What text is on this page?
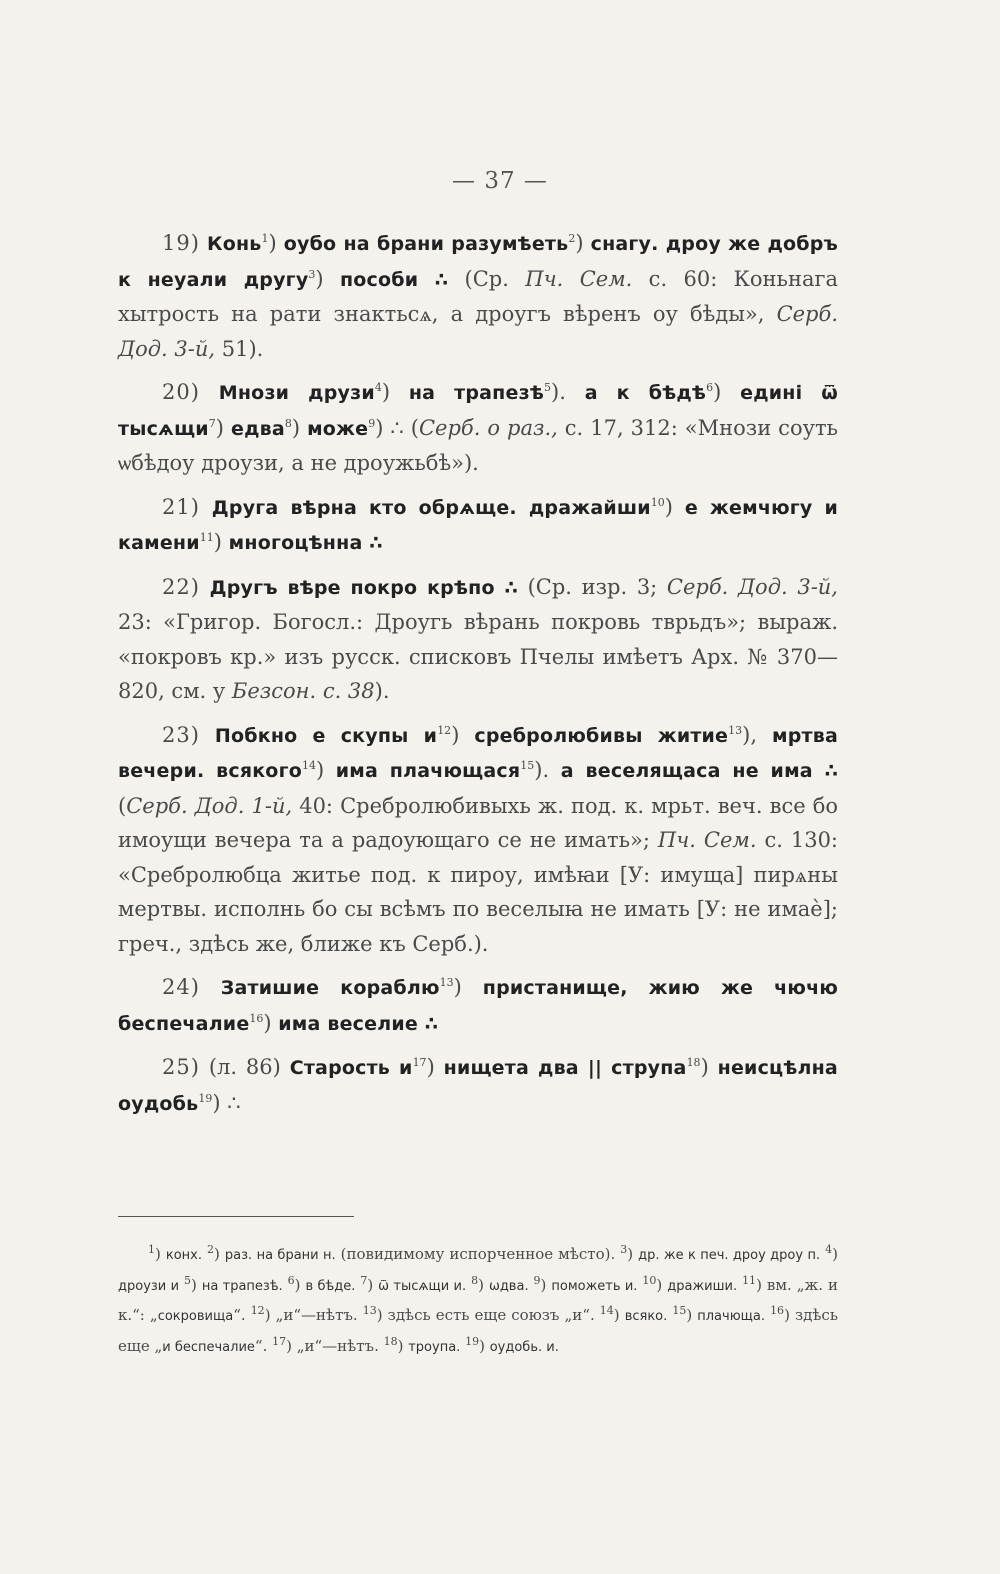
— 37 —

19) Конь$^1$) оубо на брани разумѣеть$^2$) снагу. дроу же добръ к неуали другу$^3$) пособи ∴ (Ср. Пч. Сем. с. 60: Коньнага хытрость на рати знактьсѧ, а дроугъ вѣренъ оу бѣды», Серб. Дод. 3-й, 51).

20) Мнози друзи$^4$) на трапезѣ$^5$). а к бѣдѣ$^6$) едині ѿ тысѧщи$^7$) едва$^8$) може$^9$) ∴ (Серб. о раз., с. 17, 312: «Мнози соуть ѡбѣдоу дроузи, а не дроужьбѣ»).

21) Друга вѣрна кто обрѧще. дражайши$^{10}$) е жемчюгу и камени$^{11}$) многоцѣнна ∴

22) Другъ вѣре покро крѣпо ∴ (Ср. изр. 3; Серб. Дод. 3-й, 23: «Григор. Богосл.: Дроугь вѣрань покровь тврьдъ»; выраж. «покровъ кр.» изъ русск. списковъ Пчелы имѣетъ Арх. № 370—820, см. у Безсон. с. 38).

23) Побкно е скупы $и^{12}$) сребролюбивы житие$^{13}$), мртва вечери. всякого$^{14}$) има плачющася$^{15}$). а веселящаса не има ∴ (Серб. Дод. 1-й, 40: Сребролюбивыхь ж. под. к. мрьт. веч. все бо имоущи вечера та а радоующаго се не имать»; Пч. Сем. с. 130: «Сребролюбца житье под. к пироу, имѣꙗи [У: имуща] пирѧны мертвы. исполнь бо сы всѣмъ по веселыꙗ не имать [У: не имаѐ]; греч., здѣсь же, ближе къ Серб.).

24) Затишие кораблю$^{13}$) пристанище, жию же чючю беспечалие$^{16}$) има веселие ∴

25) (л. 86) Старость $и^{17}$) нищета два || струпа$^{18}$) неисцѣлна оудобь$^{19}$) ∴

$^1$) конх. $^2$) раз. на брани н. (повидимому испорченное мѣсто). $^3$) др. же к печ. дроу дроу п. $^4$) дроузи и $^5$) на трапезѣ. $^6$) в бѣде. $^7$) ѿ тысѧщи и. $^8$) ѡдва. $^9$) поможеть и. $^{10}$) дражиши. $^{11}$) вм. „ж. и к.“: „сокровища“. $^{12}$) „и“—нѣтъ. $^{13}$) здѣсь есть еще союзъ „и“. $^{14}$) всяко. $^{15}$) плачюща. $^{16}$) здѣсь еще „и беспечалие“. $^{17}$) „и“—нѣтъ. $^{18}$) троупа. $^{19}$) оудобь. и.
